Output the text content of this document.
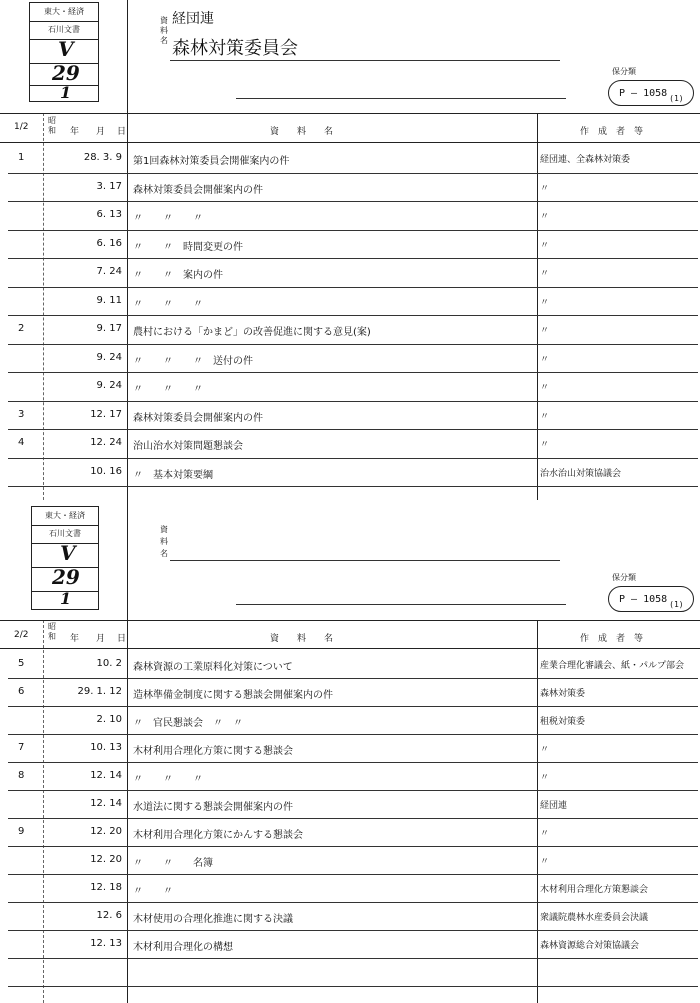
東大・経済
石川文書
V
29
1
資
料
名
経団連
森林対策委員会
保分類
P — 1058 (1)
1/2
昭和 年 月 日	資　　料　　名	作　成　者　等
1	28. 3. 9	第1回森林対策委員会開催案内の件	経団連、全森林対策委
3. 17	森林対策委員会開催案内の件	〃
6. 13	〃　　〃　　〃	〃
6. 16	〃　　〃　時間変更の件	〃
7. 24	〃　　〃　案内の件	〃
9. 11	〃　　〃　　〃	〃
2	9. 17	農村における「かまど」の改善促進に関する意見(案)	〃
9. 24	〃　　〃　　〃　送付の件	〃
9. 24	〃　　〃　　〃	〃
3	12. 17	森林対策委員会開催案内の件	〃
4	12. 24	治山治水対策問題懇談会	〃
10. 16	〃　基本対策要綱	治水治山対策協議会
東大・経済
石川文書
V
29
1
資
料
名
保分類
P — 1058 (1)
2/2
昭和 年 月 日	資　　料　　名	作　成　者　等
5	10. 2	森林資源の工業原料化対策について	産業合理化審議会、紙・パルプ部会
6	29. 1. 12	造林準備金制度に関する懇談会開催案内の件	森林対策委
2. 10	〃　官民懇談会　〃　〃	租税対策委
7	10. 13	木材利用合理化方策に関する懇談会	〃
8	12. 14	〃　　〃　　〃	〃
12. 14	水道法に関する懇談会開催案内の件	経団連
9	12. 20	木材利用合理化方策にかんする懇談会	〃
12. 20	〃　　〃　　名簿	〃
12. 18	〃　　〃	木材利用合理化方策懇談会
12. 6	木材使用の合理化推進に関する決議	衆議院農林水産委員会決議
12. 13	木材利用合理化の構想	森林資源総合対策協議会
